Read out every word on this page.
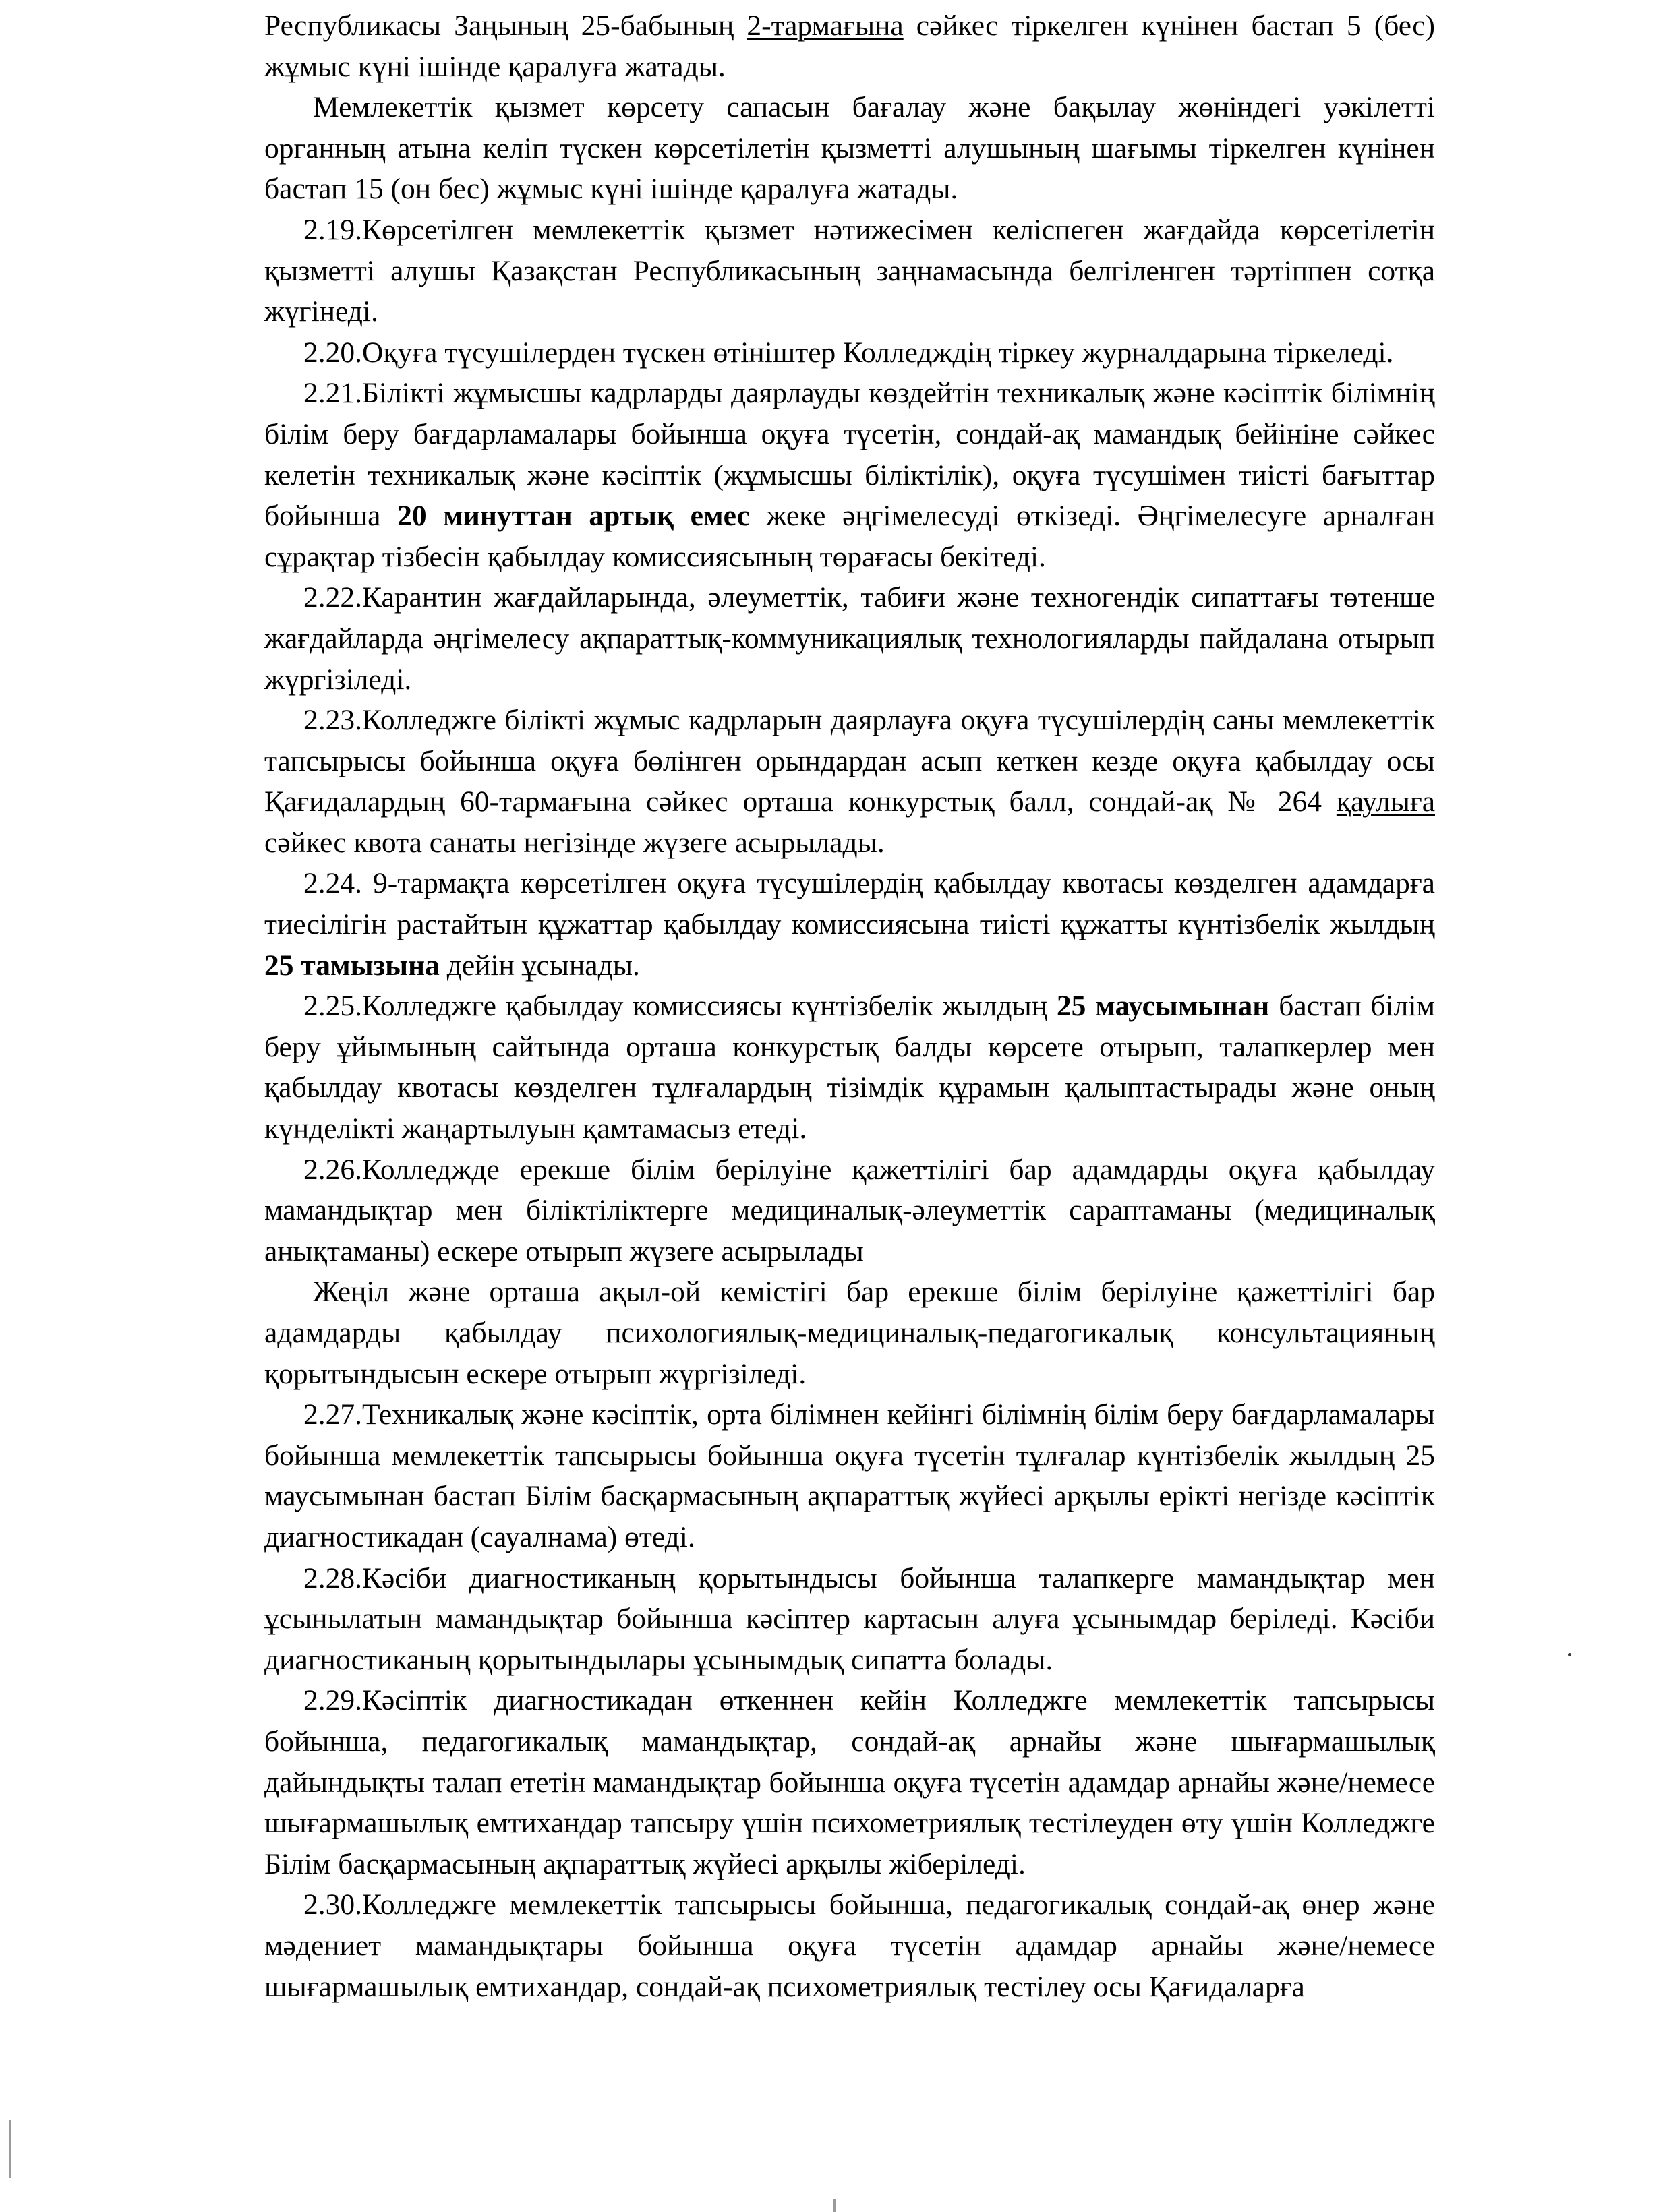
Республикасы Заңының 25-бабының 2-тармағына сәйкес тіркелген күнінен бастап 5 (бес) жұмыс күні ішінде қаралуға жатады.

Мемлекеттік қызмет көрсету сапасын бағалау және бақылау жөніндегі уәкілетті органның атына келіп түскен көрсетілетін қызметті алушының шағымы тіркелген күнінен бастап 15 (он бес) жұмыс күні ішінде қаралуға жатады.

2.19.Көрсетілген мемлекеттік қызмет нәтижесімен келіспеген жағдайда көрсетілетін қызметті алушы Қазақстан Республикасының заңнамасында белгіленген тәртіппен сотқа жүгінеді.

2.20.Оқуға түсушілерден түскен өтініштер Колледждің тіркеу журналдарына тіркеледі.

2.21.Білікті жұмысшы кадрларды даярлауды көздейтін техникалық және кәсіптік білімнің білім беру бағдарламалары бойынша оқуға түсетін, сондай-ақ мамандық бейініне сәйкес келетін техникалық және кәсіптік (жұмысшы біліктілік), оқуға түсушімен тиісті бағыттар бойынша 20 минуттан артық емес жеке әңгімелесуді өткізеді. Әңгімелесуге арналған сұрақтар тізбесін қабылдау комиссиясының төрағасы бекітеді.

2.22.Карантин жағдайларында, әлеуметтік, табиғи және техногендік сипаттағы төтенше жағдайларда әңгімелесу ақпараттық-коммуникациялық технологияларды пайдалана отырып жүргізіледі.

2.23.Колледжге білікті жұмыс кадрларын даярлауға оқуға түсушілердің саны мемлекеттік тапсырысы бойынша оқуға бөлінген орындардан асып кеткен кезде оқуға қабылдау осы Қағидалардың 60-тармағына сәйкес орташа конкурстық балл, сондай-ақ № 264 қаулыға сәйкес квота санаты негізінде жүзеге асырылады.

2.24. 9-тармақта көрсетілген оқуға түсушілердің қабылдау квотасы көзделген адамдарға тиесілігін растайтын құжаттар қабылдау комиссиясына тиісті құжатты күнтізбелік жылдың 25 тамызына дейін ұсынады.

2.25.Колледжге қабылдау комиссиясы күнтізбелік жылдың 25 маусымынан бастап білім беру ұйымының сайтында орташа конкурстық балды көрсете отырып, талапкерлер мен қабылдау квотасы көзделген тұлғалардың тізімдік құрамын қалыптастырады және оның күнделікті жаңартылуын қамтамасыз етеді.

2.26.Колледжде ерекше білім берілуіне қажеттілігі бар адамдарды оқуға қабылдау мамандықтар мен біліктіліктерге медициналық-әлеуметтік сараптаманы (медициналық анықтаманы) ескере отырып жүзеге асырылады

Жеңіл және орташа ақыл-ой кемістігі бар ерекше білім берілуіне қажеттілігі бар адамдарды қабылдау психологиялық-медициналық-педагогикалық консультацияның қорытындысын ескере отырып жүргізіледі.

2.27.Техникалық және кәсіптік, орта білімнен кейінгі білімнің білім беру бағдарламалары бойынша мемлекеттік тапсырысы бойынша оқуға түсетін тұлғалар күнтізбелік жылдың 25 маусымынан бастап Білім басқармасының ақпараттық жүйесі арқылы ерікті негізде кәсіптік диагностикадан (сауалнама) өтеді.

2.28.Кәсіби диагностиканың қорытындысы бойынша талапкерге мамандықтар мен ұсынылатын мамандықтар бойынша кәсіптер картасын алуға ұсынымдар беріледі. Кәсіби диагностиканың қорытындылары ұсынымдық сипатта болады.

2.29.Кәсіптік диагностикадан өткеннен кейін Колледжге мемлекеттік тапсырысы бойынша, педагогикалық мамандықтар, сондай-ақ арнайы және шығармашылық дайындықты талап ететін мамандықтар бойынша оқуға түсетін адамдар арнайы және/немесе шығармашылық емтихандар тапсыру үшін психометриялық тестілеуден өту үшін Колледжге Білім басқармасының ақпараттық жүйесі арқылы жіберіледі.

2.30.Колледжге мемлекеттік тапсырысы бойынша, педагогикалық сондай-ақ өнер және мәдениет мамандықтары бойынша оқуға түсетін адамдар арнайы және/немесе шығармашылық емтихандар, сондай-ақ психометриялық тестілеу осы Қағидаларға
